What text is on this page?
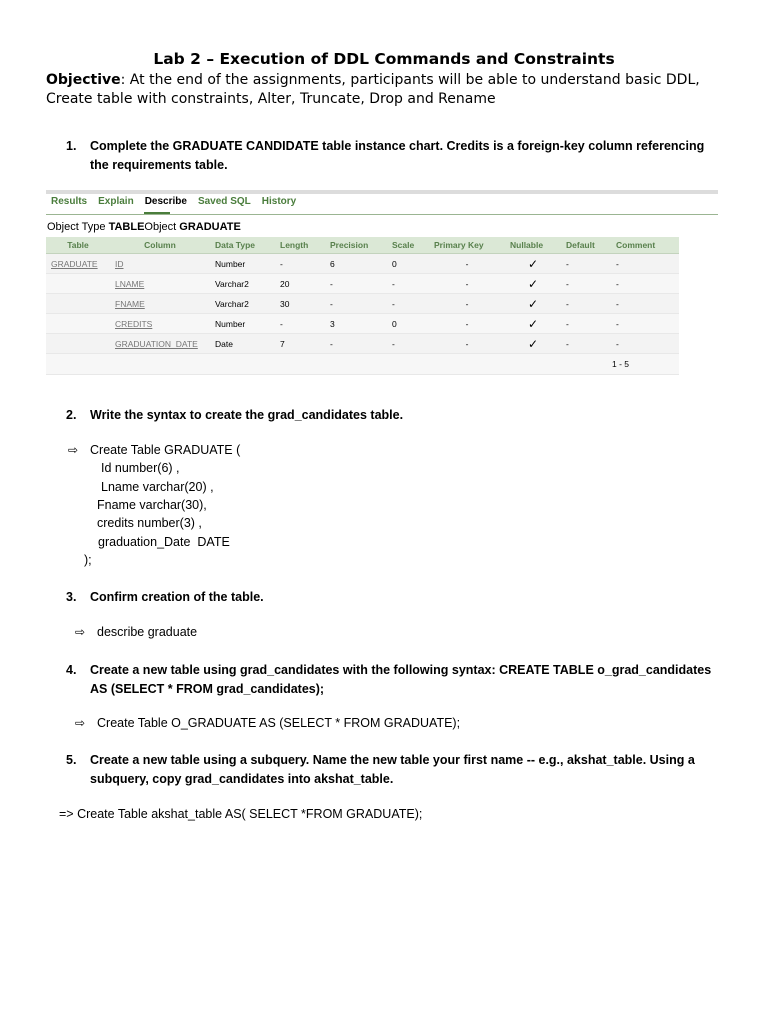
Lab 2 – Execution of DDL Commands and Constraints
Objective: At the end of the assignments, participants will be able to understand basic DDL, Create table with constraints, Alter, Truncate, Drop and Rename
1.	Complete the GRADUATE CANDIDATE table instance chart. Credits is a foreign-key column referencing the requirements table.
Results Explain Describe Saved SQL History
Object Type TABLEObject GRADUATE
Table	Column	Data Type	Length	Precision	Scale	Primary Key	Nullable	Default	Comment
GRADUATE	ID	Number	-	6	0	-	✓	-	-
	LNAME	Varchar2	20	-	-	-	✓	-	-
	FNAME	Varchar2	30	-	-	-	✓	-	-
	CREDITS	Number	-	3	0	-	✓	-	-
	GRADUATION_DATE	Date	7	-	-	-	✓	-	-
1 - 5									
2.	Write the syntax to create the grad_candidates table.
⇨ Create Table GRADUATE (
Id number(6) ,
Lname varchar(20) ,
Fname varchar(30),
credits number(3) ,
graduation_Date  DATE
);
3.	Confirm creation of the table.
⇨ describe graduate
4.	Create a new table using grad_candidates with the following syntax: CREATE TABLE o_grad_candidates AS (SELECT * FROM grad_candidates);
⇨ Create Table O_GRADUATE AS (SELECT * FROM GRADUATE);
5.	Create a new table using a subquery. Name the new table your first name -- e.g., akshat_table. Using a subquery, copy grad_candidates into akshat_table.
=> Create Table akshat_table AS( SELECT *FROM GRADUATE);
